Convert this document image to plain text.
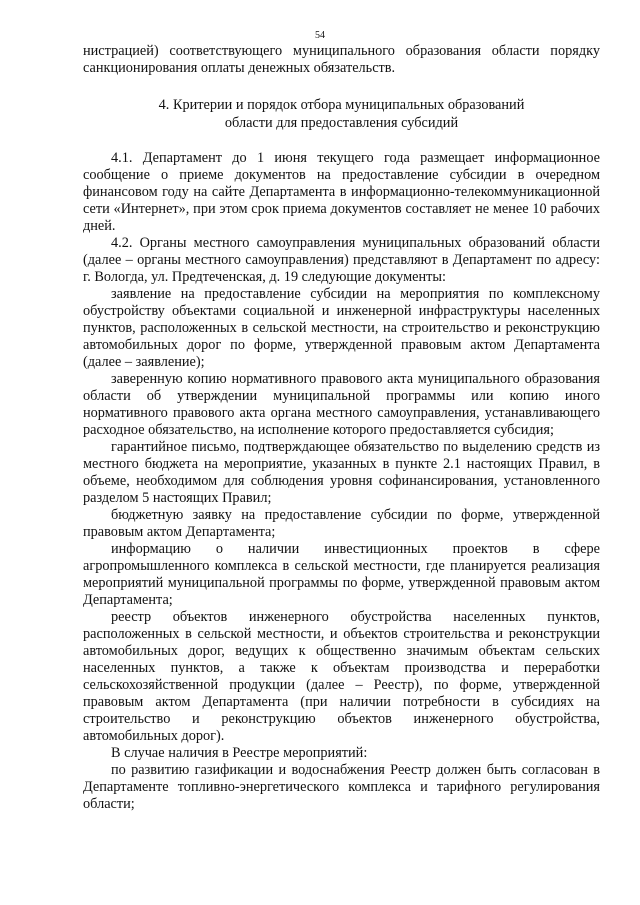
54

нистрацией) соответствующего муниципального образования области порядку санкционирования оплаты денежных обязательств.

4. Критерии и порядок отбора муниципальных образований
области для предоставления субсидий

4.1. Департамент до 1 июня текущего года размещает информационное сообщение о приеме документов на предоставление субсидии в очередном финансовом году на сайте Департамента в информационно-телекоммуникационной сети «Интернет», при этом срок приема документов составляет не менее 10 рабочих дней.

4.2. Органы местного самоуправления муниципальных образований области (далее – органы местного самоуправления) представляют в Департамент по адресу: г. Вологда, ул. Предтеченская, д. 19 следующие документы:

заявление на предоставление субсидии на мероприятия по комплексному обустройству объектами социальной и инженерной инфраструктуры населенных пунктов, расположенных в сельской местности, на строительство и реконструкцию автомобильных дорог по форме, утвержденной правовым актом Департамента (далее – заявление);

заверенную копию нормативного правового акта муниципального образования области об утверждении муниципальной программы или копию иного нормативного правового акта органа местного самоуправления, устанавливающего расходное обязательство, на исполнение которого предоставляется субсидия;

гарантийное письмо, подтверждающее обязательство по выделению средств из местного бюджета на мероприятие, указанных в пункте 2.1 настоящих Правил, в объеме, необходимом для соблюдения уровня софинансирования, установленного разделом 5 настоящих Правил;

бюджетную заявку на предоставление субсидии по форме, утвержденной правовым актом Департамента;

информацию о наличии инвестиционных проектов в сфере агропромышленного комплекса в сельской местности, где планируется реализация мероприятий муниципальной программы по форме, утвержденной правовым актом Департамента;

реестр объектов инженерного обустройства населенных пунктов, расположенных в сельской местности, и объектов строительства и реконструкции автомобильных дорог, ведущих к общественно значимым объектам сельских населенных пунктов, а также к объектам производства и переработки сельскохозяйственной продукции (далее – Реестр), по форме, утвержденной правовым актом Департамента (при наличии потребности в субсидиях на строительство и реконструкцию объектов инженерного обустройства, автомобильных дорог).

В случае наличия в Реестре мероприятий:

по развитию газификации и водоснабжения Реестр должен быть согласован в Департаменте топливно-энергетического комплекса и тарифного регулирования области;
